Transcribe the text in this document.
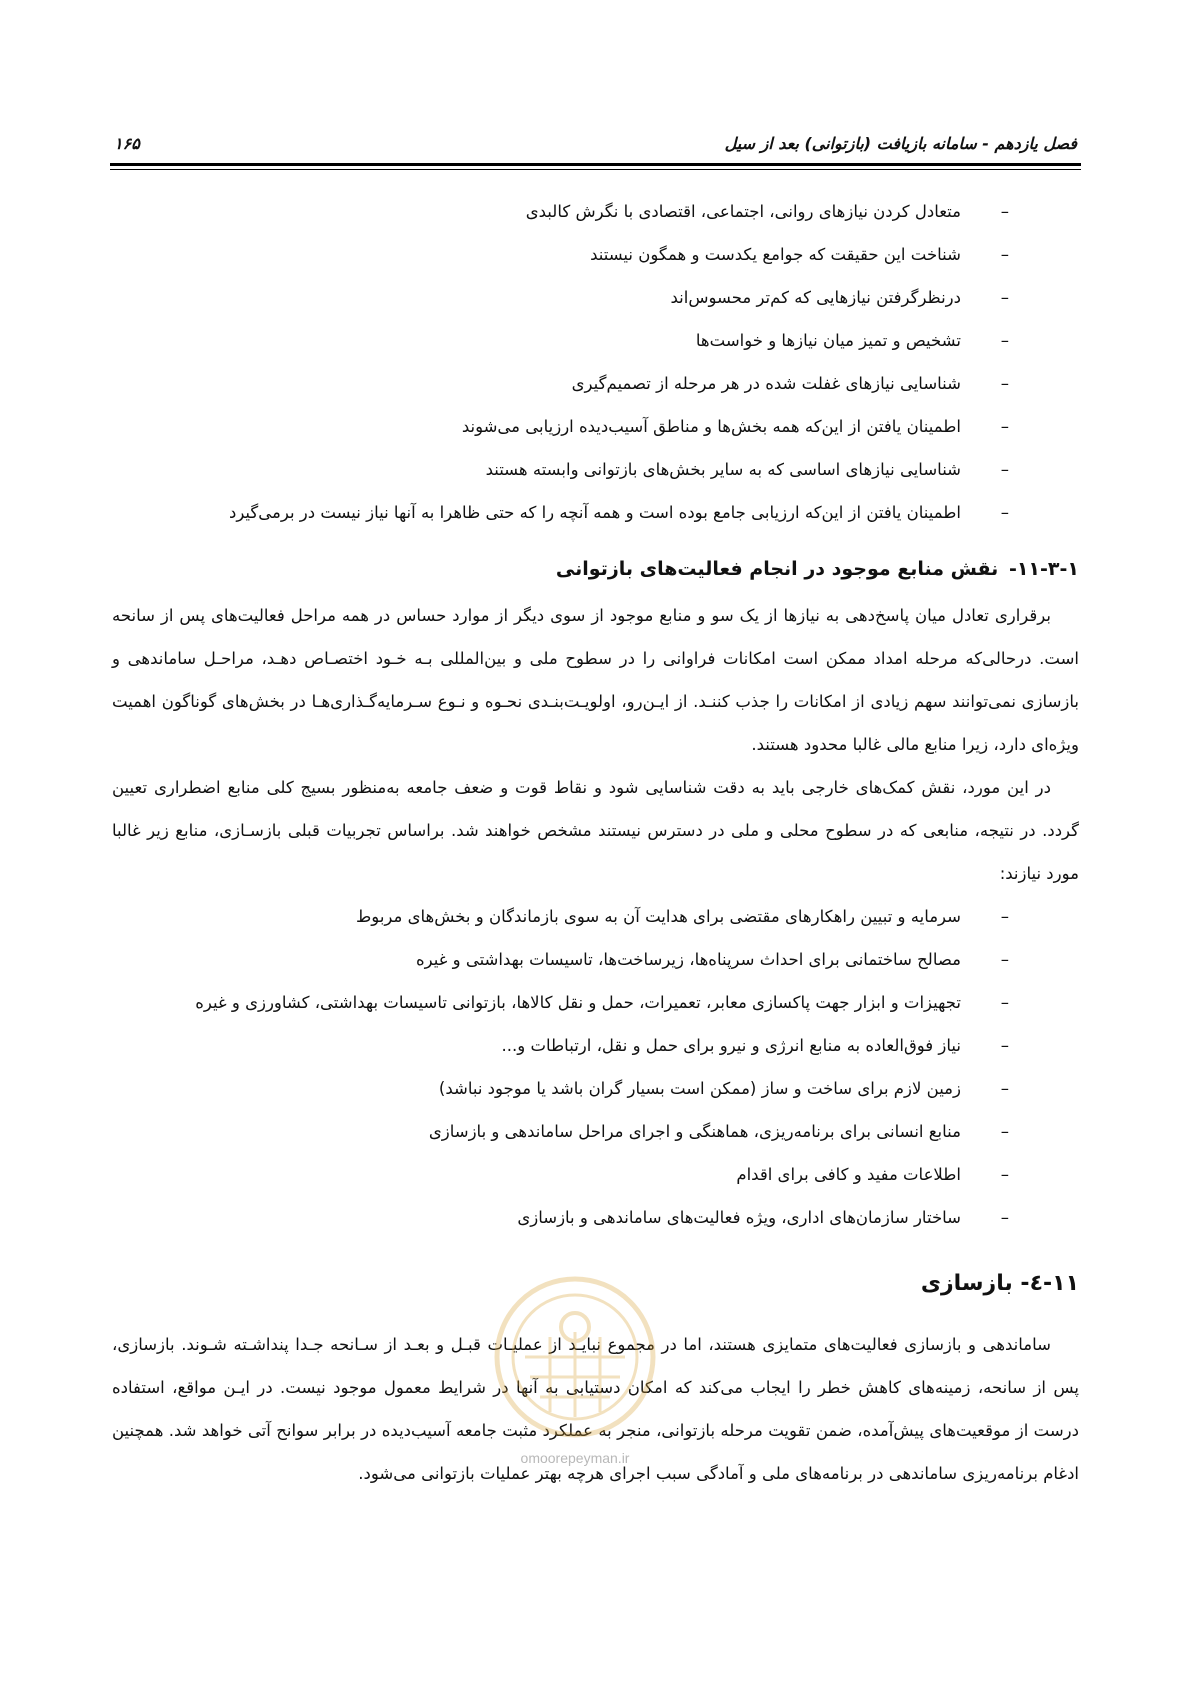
فصل یازدهم - سامانه بازیافت (بازتوانی) بعد از سیل
۱۶۵
– متعادل کردن نیازهای روانی، اجتماعی، اقتصادی با نگرش کالبدی
– شناخت این حقیقت که جوامع یکدست و همگون نیستند
– درنظرگرفتن نیازهایی که کم‌تر محسوس‌اند
– تشخیص و تمیز میان نیازها و خواست‌ها
– شناسایی نیازهای غفلت شده در هر مرحله از تصمیم‌گیری
– اطمینان یافتن از این‌که همه بخش‌ها و مناطق آسیب‌دیده ارزیابی می‌شوند
– شناسایی نیازهای اساسی که به سایر بخش‌های بازتوانی وابسته هستند
– اطمینان یافتن از این‌که ارزیابی جامع بوده است و همه آنچه را که حتی ظاهرا به آنها نیاز نیست در برمی‌گیرد
۱۱-۳-۱- نقش منابع موجود در انجام فعالیت‌های بازتوانی

برقراری تعادل میان پاسخ‌دهی به نیازها از یک سو و منابع موجود از سوی دیگر از موارد حساس در همه مراحل فعالیت‌های پس از سانحه است. درحالی‌که مرحله امداد ممکن است امکانات فراوانی را در سطوح ملی و بین‌المللی بـه خـود اختصـاص دهـد، مراحـل ساماندهی و بازسازی نمی‌توانند سهم زیادی از امکانات را جذب کننـد. از ایـن‌رو، اولویـت‌بنـدی نحـوه و نـوع سـرمایه‌گـذاری‌هـا در بخش‌های گوناگون اهمیت ویژه‌ای دارد، زیرا منابع مالی غالبا محدود هستند.

در این مورد، نقش کمک‌های خارجی باید به دقت شناسایی شود و نقاط قوت و ضعف جامعه به‌منظور بسیج کلی منابع اضطراری تعیین گردد. در نتیجه، منابعی که در سطوح محلی و ملی در دسترس نیستند مشخص خواهند شد. براساس تجربیات قبلی بازسـازی، منابع زیر غالبا مورد نیازند:

– سرمایه و تبیین راهکارهای مقتضی برای هدایت آن به سوی بازماندگان و بخش‌های مربوط
– مصالح ساختمانی برای احداث سرپناه‌ها، زیرساخت‌ها، تاسیسات بهداشتی و غیره
– تجهیزات و ابزار جهت پاکسازی معابر، تعمیرات، حمل و نقل کالاها، بازتوانی تاسیسات بهداشتی، کشاورزی و غیره
– نیاز فوق‌العاده به منابع انرژی و نیرو برای حمل و نقل، ارتباطات و...
– زمین لازم برای ساخت و ساز (ممکن است بسیار گران باشد یا موجود نباشد)
– منابع انسانی برای برنامه‌ریزی، هماهنگی و اجرای مراحل ساماندهی و بازسازی
– اطلاعات مفید و کافی برای اقدام
– ساختار سازمان‌های اداری، ویژه فعالیت‌های ساماندهی و بازسازی
۱۱-٤- بازسازی

ساماندهی و بازسازی فعالیت‌های متمایزی هستند، اما در مجموع نبایـد از عملیـات قبـل و بعـد از سـانحه جـدا پنداشـته شـوند. بازسازی، پس از سانحه، زمینه‌های کاهش خطر را ایجاب می‌کند که امکان دستیابی به آنها در شرایط معمول موجود نیست. در ایـن مواقع، استفاده درست از موقعیت‌های پیش‌آمده، ضمن تقویت مرحله بازتوانی، منجر به عملکرد مثبت جامعه آسیب‌دیده در برابر سوانح آتی خواهد شد. همچنین ادغام برنامه‌ریزی ساماندهی در برنامه‌های ملی و آمادگی سبب اجرای هرچه بهتر عملیات بازتوانی می‌شود.

omoorepeyman.ir
